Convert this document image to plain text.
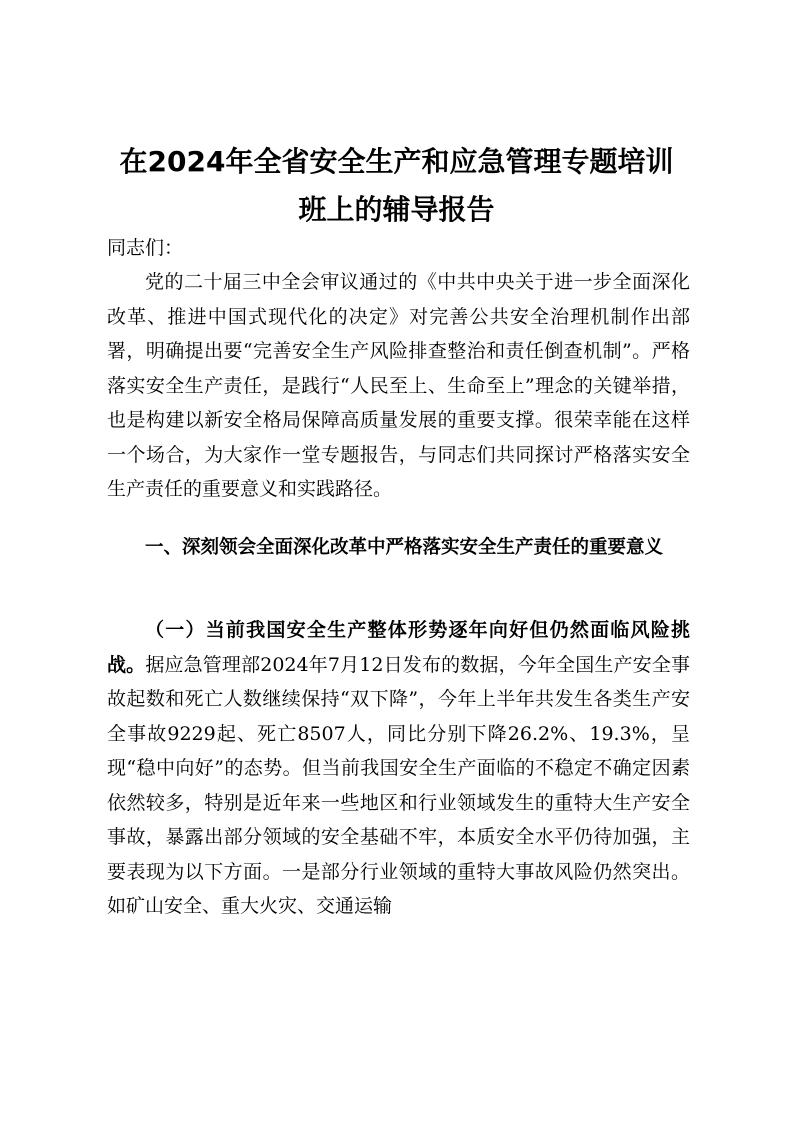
在2024年全省安全生产和应急管理专题培训
班上的辅导报告
同志们：

党的二十届三中全会审议通过的《中共中央关于进一步全面深化改革、推进中国式现代化的决定》对完善公共安全治理机制作出部署，明确提出要“完善安全生产风险排查整治和责任倒查机制”。严格落实安全生产责任，是践行“人民至上、生命至上”理念的关键举措，也是构建以新安全格局保障高质量发展的重要支撑。很荣幸能在这样一个场合，为大家作一堂专题报告，与同志们共同探讨严格落实安全生产责任的重要意义和实践路径。

一、深刻领会全面深化改革中严格落实安全生产责任的重要意义

（一）当前我国安全生产整体形势逐年向好但仍然面临风险挑战。据应急管理部2024年7月12日发布的数据，今年全国生产安全事故起数和死亡人数继续保持“双下降”，今年上半年共发生各类生产安全事故9229起、死亡8507人，同比分别下降26.2%、19.3%，呈现“稳中向好”的态势。但当前我国安全生产面临的不稳定不确定因素依然较多，特别是近年来一些地区和行业领域发生的重特大生产安全事故，暴露出部分领域的安全基础不牢，本质安全水平仍待加强，主要表现为以下方面。一是部分行业领域的重特大事故风险仍然突出。如矿山安全、重大火灾、交通运输
